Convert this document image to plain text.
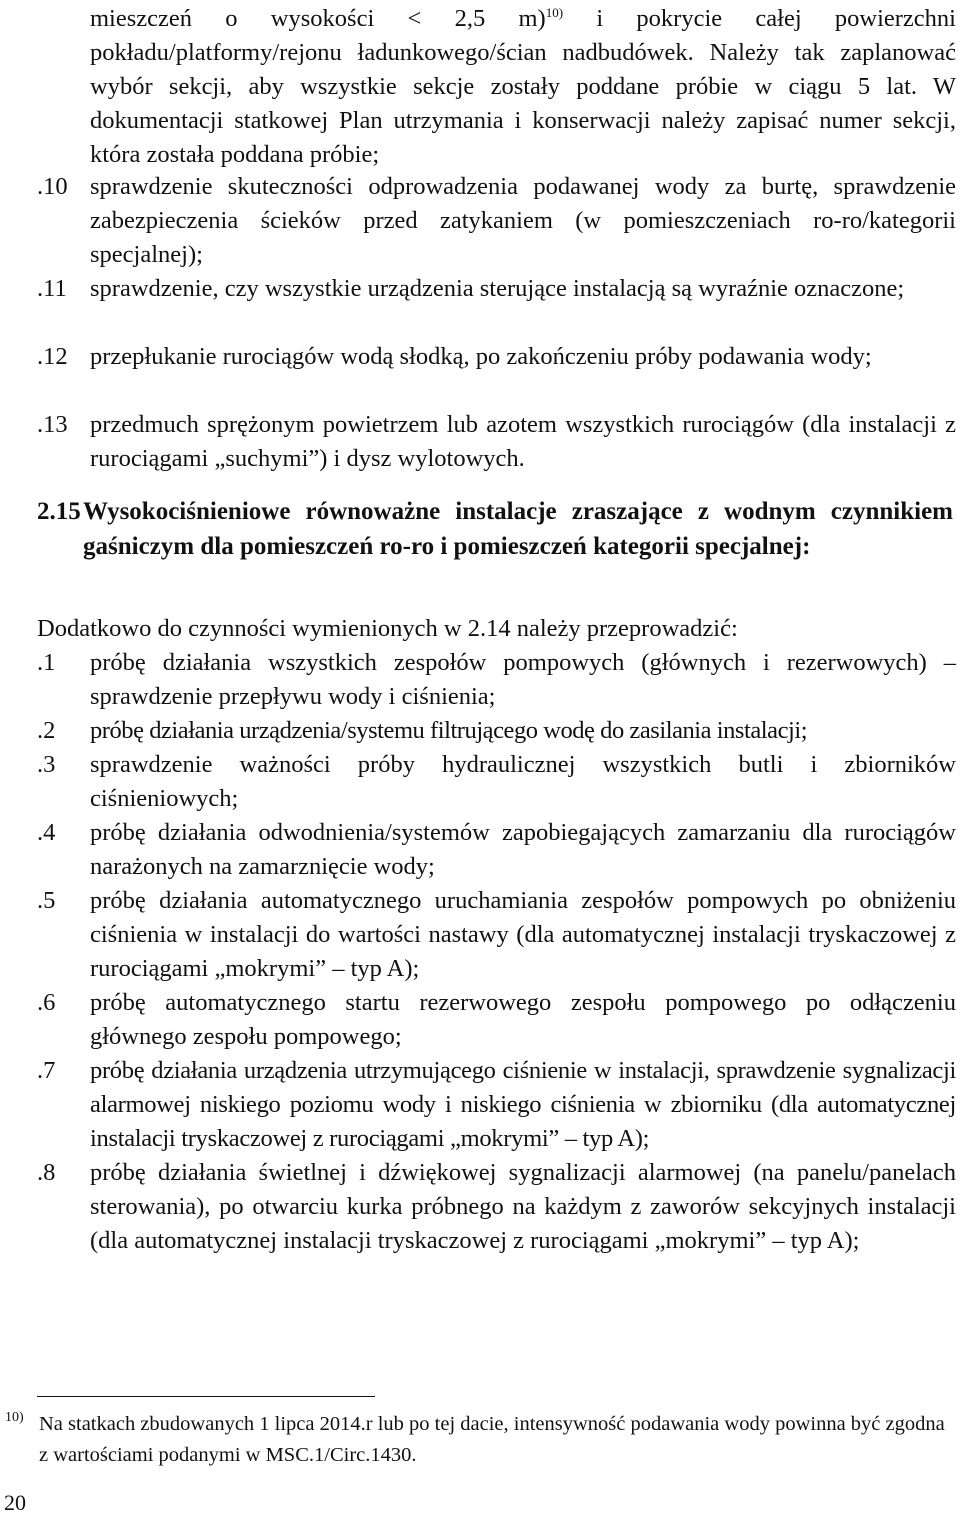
mieszczeń o wysokości < 2,5 m)$^{10)}$ i pokrycie całej powierzchni pokładu/platformy/rejonu ładunkowego/ścian nadbudówek. Należy tak zaplanować wybór sekcji, aby wszystkie sekcje zostały poddane próbie w ciągu 5 lat. W dokumentacji statkowej Plan utrzymania i konserwacji należy zapisać numer sekcji, która została poddana próbie;

.10 sprawdzenie skuteczności odprowadzenia podawanej wody za burtę, sprawdzenie zabezpieczenia ścieków przed zatykaniem (w pomieszczeniach ro-ro/kategorii specjalnej);

.11 sprawdzenie, czy wszystkie urządzenia sterujące instalacją są wyraźnie oznaczone;

.12 przepłukanie rurociągów wodą słodką, po zakończeniu próby podawania wody;

.13 przedmuch sprężonym powietrzem lub azotem wszystkich rurociągów (dla instalacji z rurociągami „suchymi”) i dysz wylotowych.

2.15 Wysokociśnieniowe równoważne instalacje zraszające z wodnym czynnikiem gaśniczym dla pomieszczeń ro-ro i pomieszczeń kategorii specjalnej:

Dodatkowo do czynności wymienionych w 2.14 należy przeprowadzić:

.1 próbę działania wszystkich zespołów pompowych (głównych i rezerwowych) – sprawdzenie przepływu wody i ciśnienia;

.2 próbę działania urządzenia/systemu filtrującego wodę do zasilania instalacji;

.3 sprawdzenie ważności próby hydraulicznej wszystkich butli i zbiorników ciśnieniowych;

.4 próbę działania odwodnienia/systemów zapobiegających zamarzaniu dla rurociągów narażonych na zamarznięcie wody;

.5 próbę działania automatycznego uruchamiania zespołów pompowych po obniżeniu ciśnienia w instalacji do wartości nastawy (dla automatycznej instalacji tryskaczowej z rurociągami „mokrymi” – typ A);

.6 próbę automatycznego startu rezerwowego zespołu pompowego po odłączeniu głównego zespołu pompowego;

.7 próbę działania urządzenia utrzymującego ciśnienie w instalacji, sprawdzenie sygnalizacji alarmowej niskiego poziomu wody i niskiego ciśnienia w zbiorniku (dla automatycznej instalacji tryskaczowej z rurociągami „mokrymi” – typ A);

.8 próbę działania świetlnej i dźwiękowej sygnalizacji alarmowej (na panelu/panelach sterowania), po otwarciu kurka próbnego na każdym z zaworów sekcyjnych instalacji (dla automatycznej instalacji tryskaczowej z rurociągami „mokrymi” – typ A);

10) Na statkach zbudowanych 1 lipca 2014.r lub po tej dacie, intensywność podawania wody powinna być zgodna z wartościami podanymi w MSC.1/Circ.1430.

20
